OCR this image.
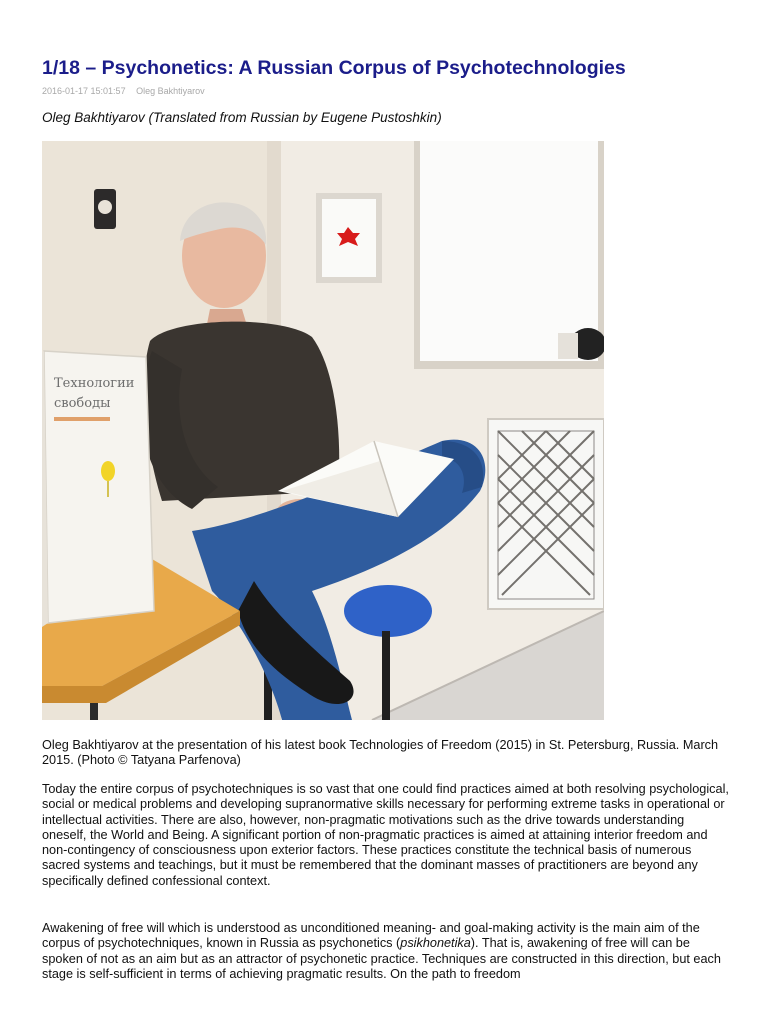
1/18 – Psychonetics: A Russian Corpus of Psychotechnologies
2016-01-17 15:01:57 Oleg Bakhtiyarov
Oleg Bakhtiyarov (Translated from Russian by Eugene Pustoshkin)
Технологии
свободы
Oleg Bakhtiyarov at the presentation of his latest book Technologies of Freedom (2015) in St. Petersburg, Russia. March 2015. (Photo © Tatyana Parfenova)

Today the entire corpus of psychotechniques is so vast that one could find practices aimed at both resolving psychological, social or medical problems and developing supranormative skills necessary for performing extreme tasks in operational or intellectual activities. There are also, however, non-pragmatic motivations such as the drive towards understanding oneself, the World and Being. A significant portion of non-pragmatic practices is aimed at attaining interior freedom and non-contingency of consciousness upon exterior factors. These practices constitute the technical basis of numerous sacred systems and teachings, but it must be remembered that the dominant masses of practitioners are beyond any specifically defined confessional context.

Awakening of free will which is understood as unconditioned meaning- and goal-making activity is the main aim of the corpus of psychotechniques, known in Russia as psychonetics (psikhonetika). That is, awakening of free will can be spoken of not as an aim but as an attractor of psychonetic practice. Techniques are constructed in this direction, but each stage is self-sufficient in terms of achieving pragmatic results. On the path to freedom
